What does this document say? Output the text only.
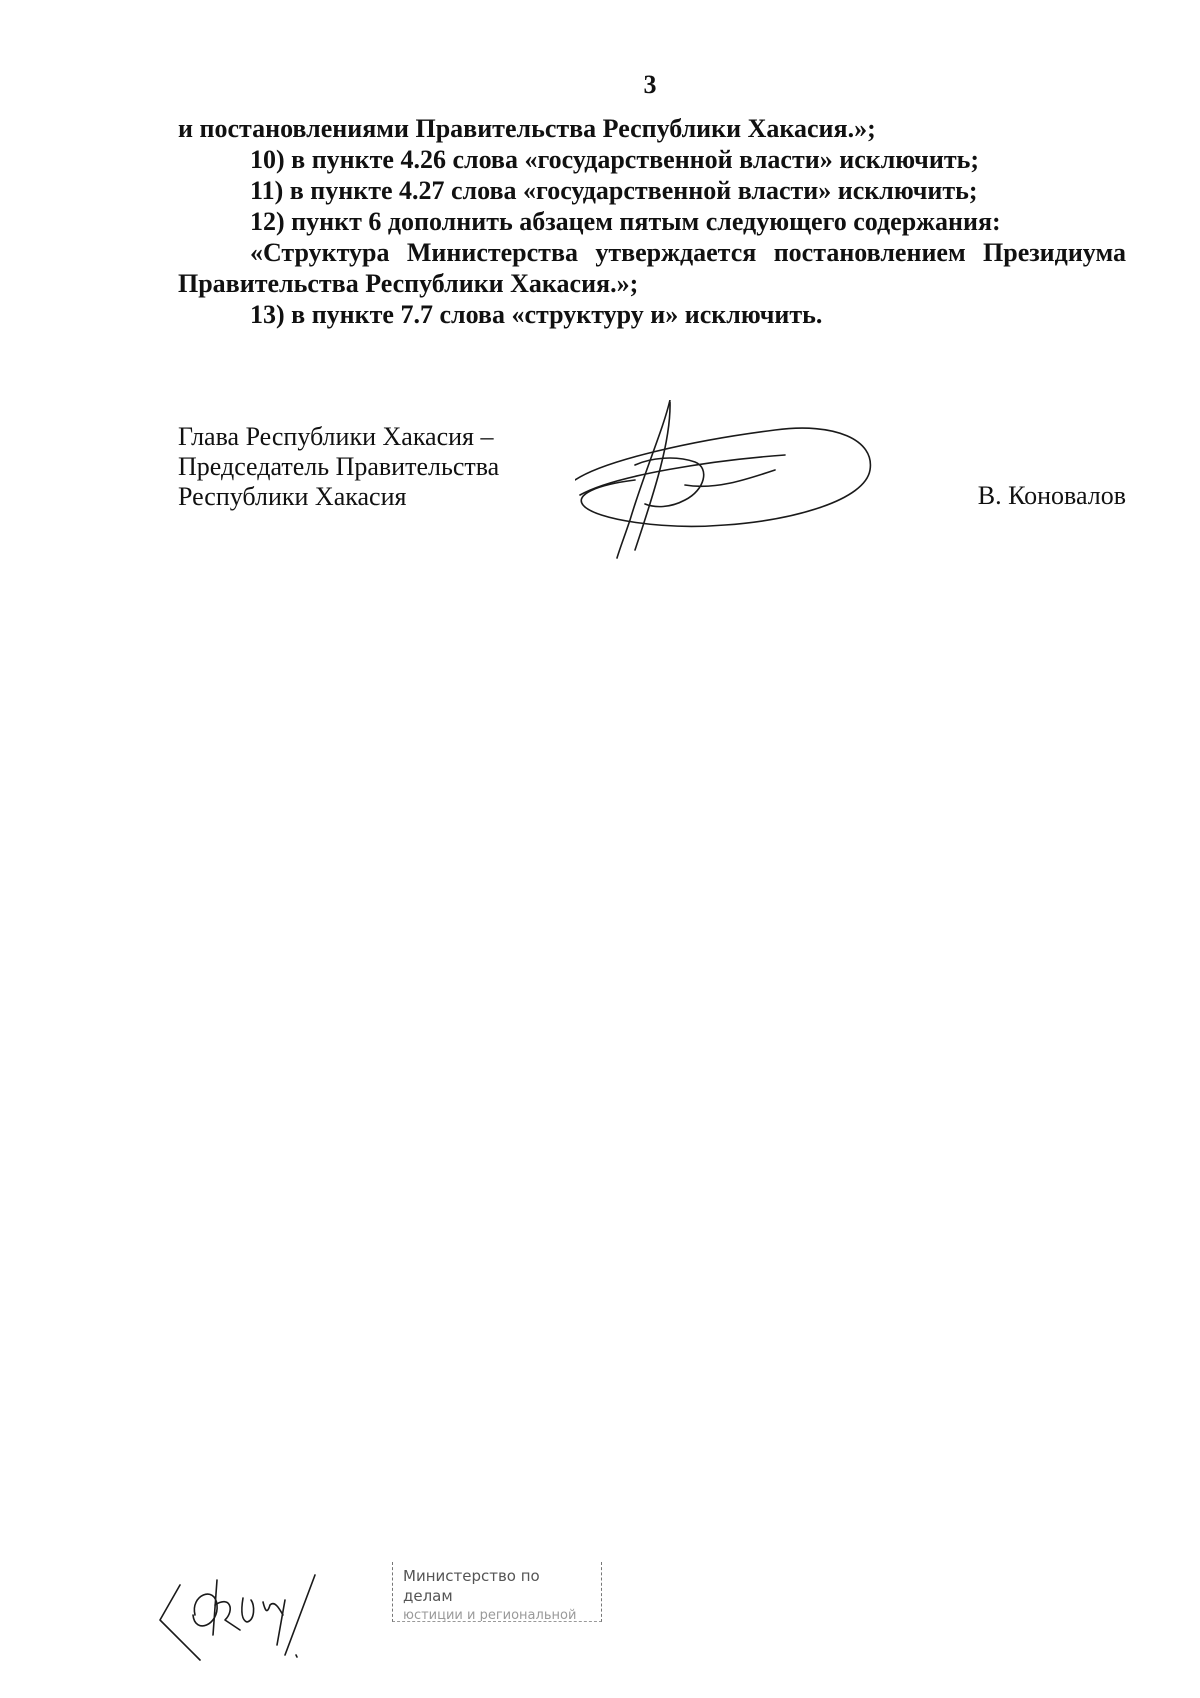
3

и постановлениями Правительства Республики Хакасия.»;

10) в пункте 4.26 слова «государственной власти» исключить;

11) в пункте 4.27 слова «государственной власти» исключить;

12) пункт 6 дополнить абзацем пятым следующего содержания:

«Структура Министерства утверждается постановлением Президиума Правительства Республики Хакасия.»;

13) в пункте 7.7 слова «структуру и» исключить.

Глава Республики Хакасия –
Председатель Правительства
Республики Хакасия	В. Коновалов
Министерство по делам
юстиции и региональной
